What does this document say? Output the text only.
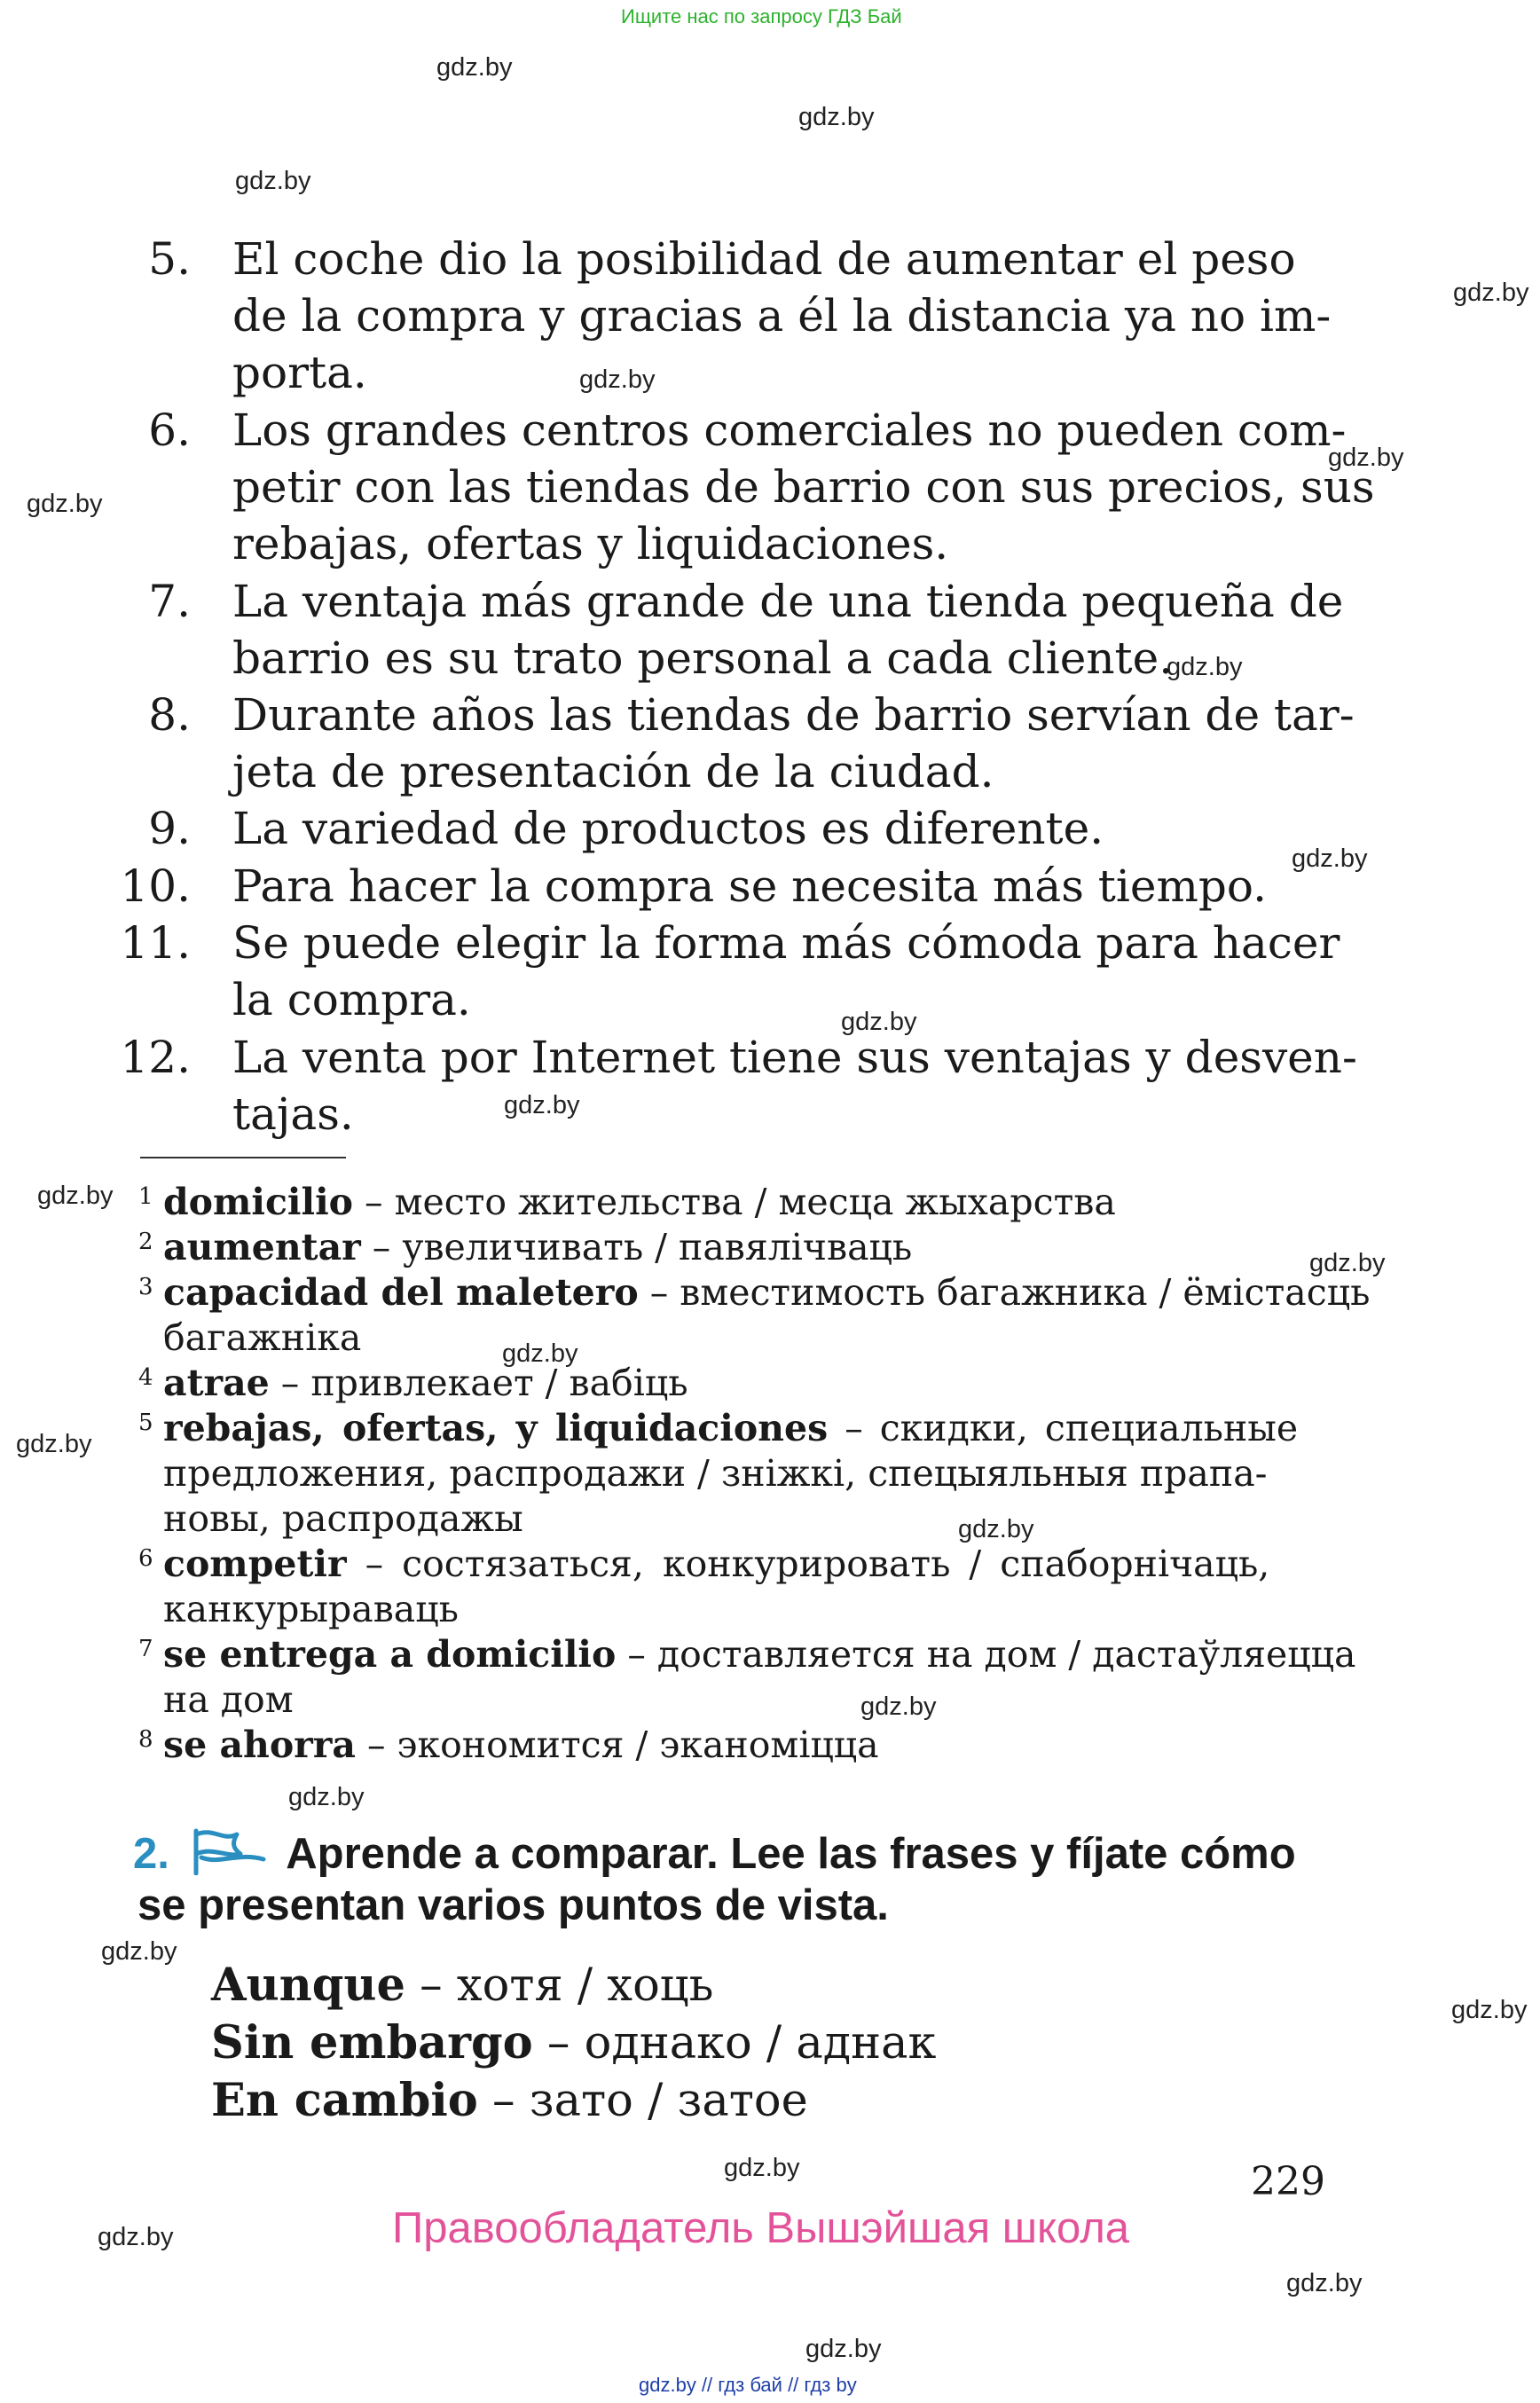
Ищите нас по запросу ГДЗ Бай
gdz.by
gdz.by
gdz.by
gdz.by
gdz.by
gdz.by
gdz.by
gdz.by
gdz.by
gdz.by
gdz.by
gdz.by
gdz.by
gdz.by
gdz.by
gdz.by
gdz.by
gdz.by
gdz.by
gdz.by
gdz.by
gdz.by
gdz.by
gdz.by
5. El coche dio la posibilidad de aumentar el peso
de la compra y gracias a él la distancia ya no im-
porta.
6. Los grandes centros comerciales no pueden com-
petir con las tiendas de barrio con sus precios, sus
rebajas, ofertas y liquidaciones.
7. La ventaja más grande de una tienda pequeña de
barrio es su trato personal a cada cliente.
8. Durante años las tiendas de barrio servían de tar-
jeta de presentación de la ciudad.
9. La variedad de productos es diferente.
10. Para hacer la compra se necesita más tiempo.
11. Se puede elegir la forma más cómoda para hacer
la compra.
12. La venta por Internet tiene sus ventajas y desven-
tajas.
1 domicilio – место жительства / месца жыхарства
2 aumentar – увеличивать / павялічваць
3 capacidad del maletero – вместимость багажника / ёмістасць
багажніка
4 atrae – привлекает / вабіць
5 rebajas, ofertas, y liquidaciones – скидки, специальные
предложения, распродажи / зніжкі, спецыяльныя прапа-
новы, распродажы
6 competir – состязаться, конкурировать / спаборнічаць,
канкурыраваць
7 se entrega a domicilio – доставляется на дом / дастаўляецца
на дом
8 se ahorra – экономится / эканоміцца
2.	Aprende a comparar. Lee las frases y fíjate cómo
se presentan varios puntos de vista.
Aunque – хотя / хоць
Sin embargo – однако / аднак
En cambio – зато / затое
229
Правообладатель Вышэйшая школа
gdz.by // гдз бай // гдз by
